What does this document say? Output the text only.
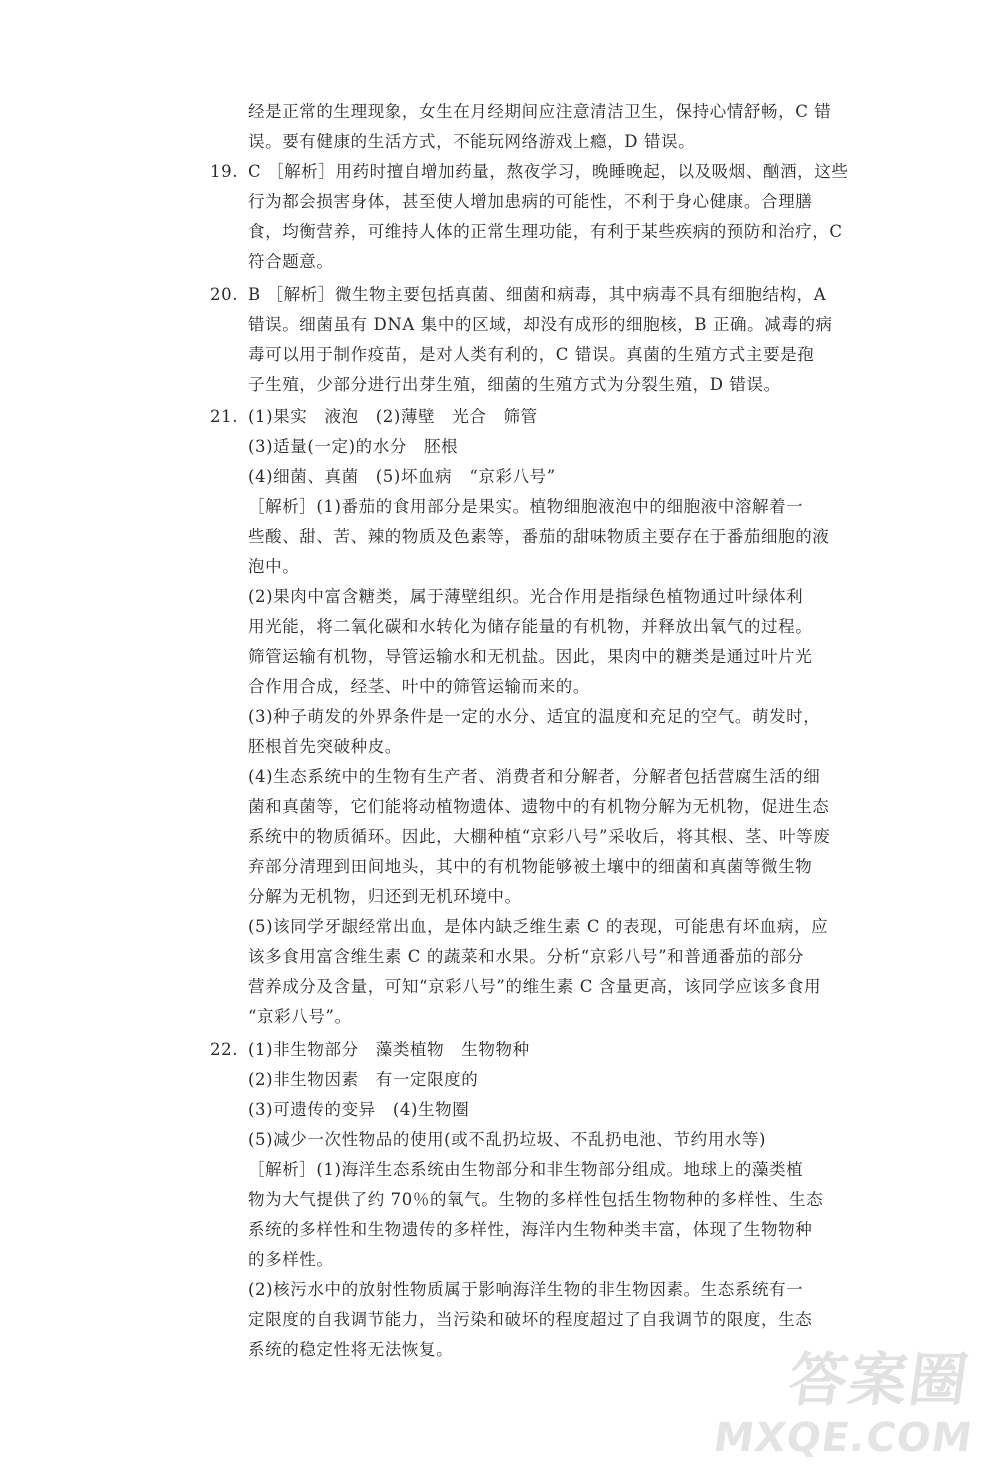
经是正常的生理现象，女生在月经期间应注意清洁卫生，保持心情舒畅，C 错
误。要有健康的生活方式，不能玩网络游戏上瘾，D 错误。
19. C ［解析］用药时擅自增加药量，熬夜学习，晚睡晚起，以及吸烟、酗酒，这些
行为都会损害身体，甚至使人增加患病的可能性，不利于身心健康。合理膳
食，均衡营养，可维持人体的正常生理功能，有利于某些疾病的预防和治疗，C
符合题意。
20. B ［解析］微生物主要包括真菌、细菌和病毒，其中病毒不具有细胞结构，A
错误。细菌虽有 DNA 集中的区域，却没有成形的细胞核，B 正确。减毒的病
毒可以用于制作疫苗，是对人类有利的，C 错误。真菌的生殖方式主要是孢
子生殖，少部分进行出芽生殖，细菌的生殖方式为分裂生殖，D 错误。
21. (1)果实　液泡　(2)薄壁　光合　筛管
(3)适量(一定)的水分　胚根
(4)细菌、真菌　(5)坏血病　“京彩八号”
［解析］(1)番茄的食用部分是果实。植物细胞液泡中的细胞液中溶解着一
些酸、甜、苦、辣的物质及色素等，番茄的甜味物质主要存在于番茄细胞的液
泡中。
(2)果肉中富含糖类，属于薄壁组织。光合作用是指绿色植物通过叶绿体利
用光能，将二氧化碳和水转化为储存能量的有机物，并释放出氧气的过程。
筛管运输有机物，导管运输水和无机盐。因此，果肉中的糖类是通过叶片光
合作用合成，经茎、叶中的筛管运输而来的。
(3)种子萌发的外界条件是一定的水分、适宜的温度和充足的空气。萌发时，
胚根首先突破种皮。
(4)生态系统中的生物有生产者、消费者和分解者，分解者包括营腐生活的细
菌和真菌等，它们能将动植物遗体、遗物中的有机物分解为无机物，促进生态
系统中的物质循环。因此，大棚种植“京彩八号”采收后，将其根、茎、叶等废
弃部分清理到田间地头，其中的有机物能够被土壤中的细菌和真菌等微生物
分解为无机物，归还到无机环境中。
(5)该同学牙龈经常出血，是体内缺乏维生素 C 的表现，可能患有坏血病，应
该多食用富含维生素 C 的蔬菜和水果。分析“京彩八号”和普通番茄的部分
营养成分及含量，可知“京彩八号”的维生素 C 含量更高，该同学应该多食用
“京彩八号”。
22. (1)非生物部分　藻类植物　生物物种
(2)非生物因素　有一定限度的
(3)可遗传的变异　(4)生物圈
(5)减少一次性物品的使用(或不乱扔垃圾、不乱扔电池、节约用水等)
［解析］(1)海洋生态系统由生物部分和非生物部分组成。地球上的藻类植
物为大气提供了约 70％的氧气。生物的多样性包括生物物种的多样性、生态
系统的多样性和生物遗传的多样性，海洋内生物种类丰富，体现了生物物种
的多样性。
(2)核污水中的放射性物质属于影响海洋生物的非生物因素。生态系统有一
定限度的自我调节能力，当污染和破坏的程度超过了自我调节的限度，生态
系统的稳定性将无法恢复。	答案圈
MXQE.COM
